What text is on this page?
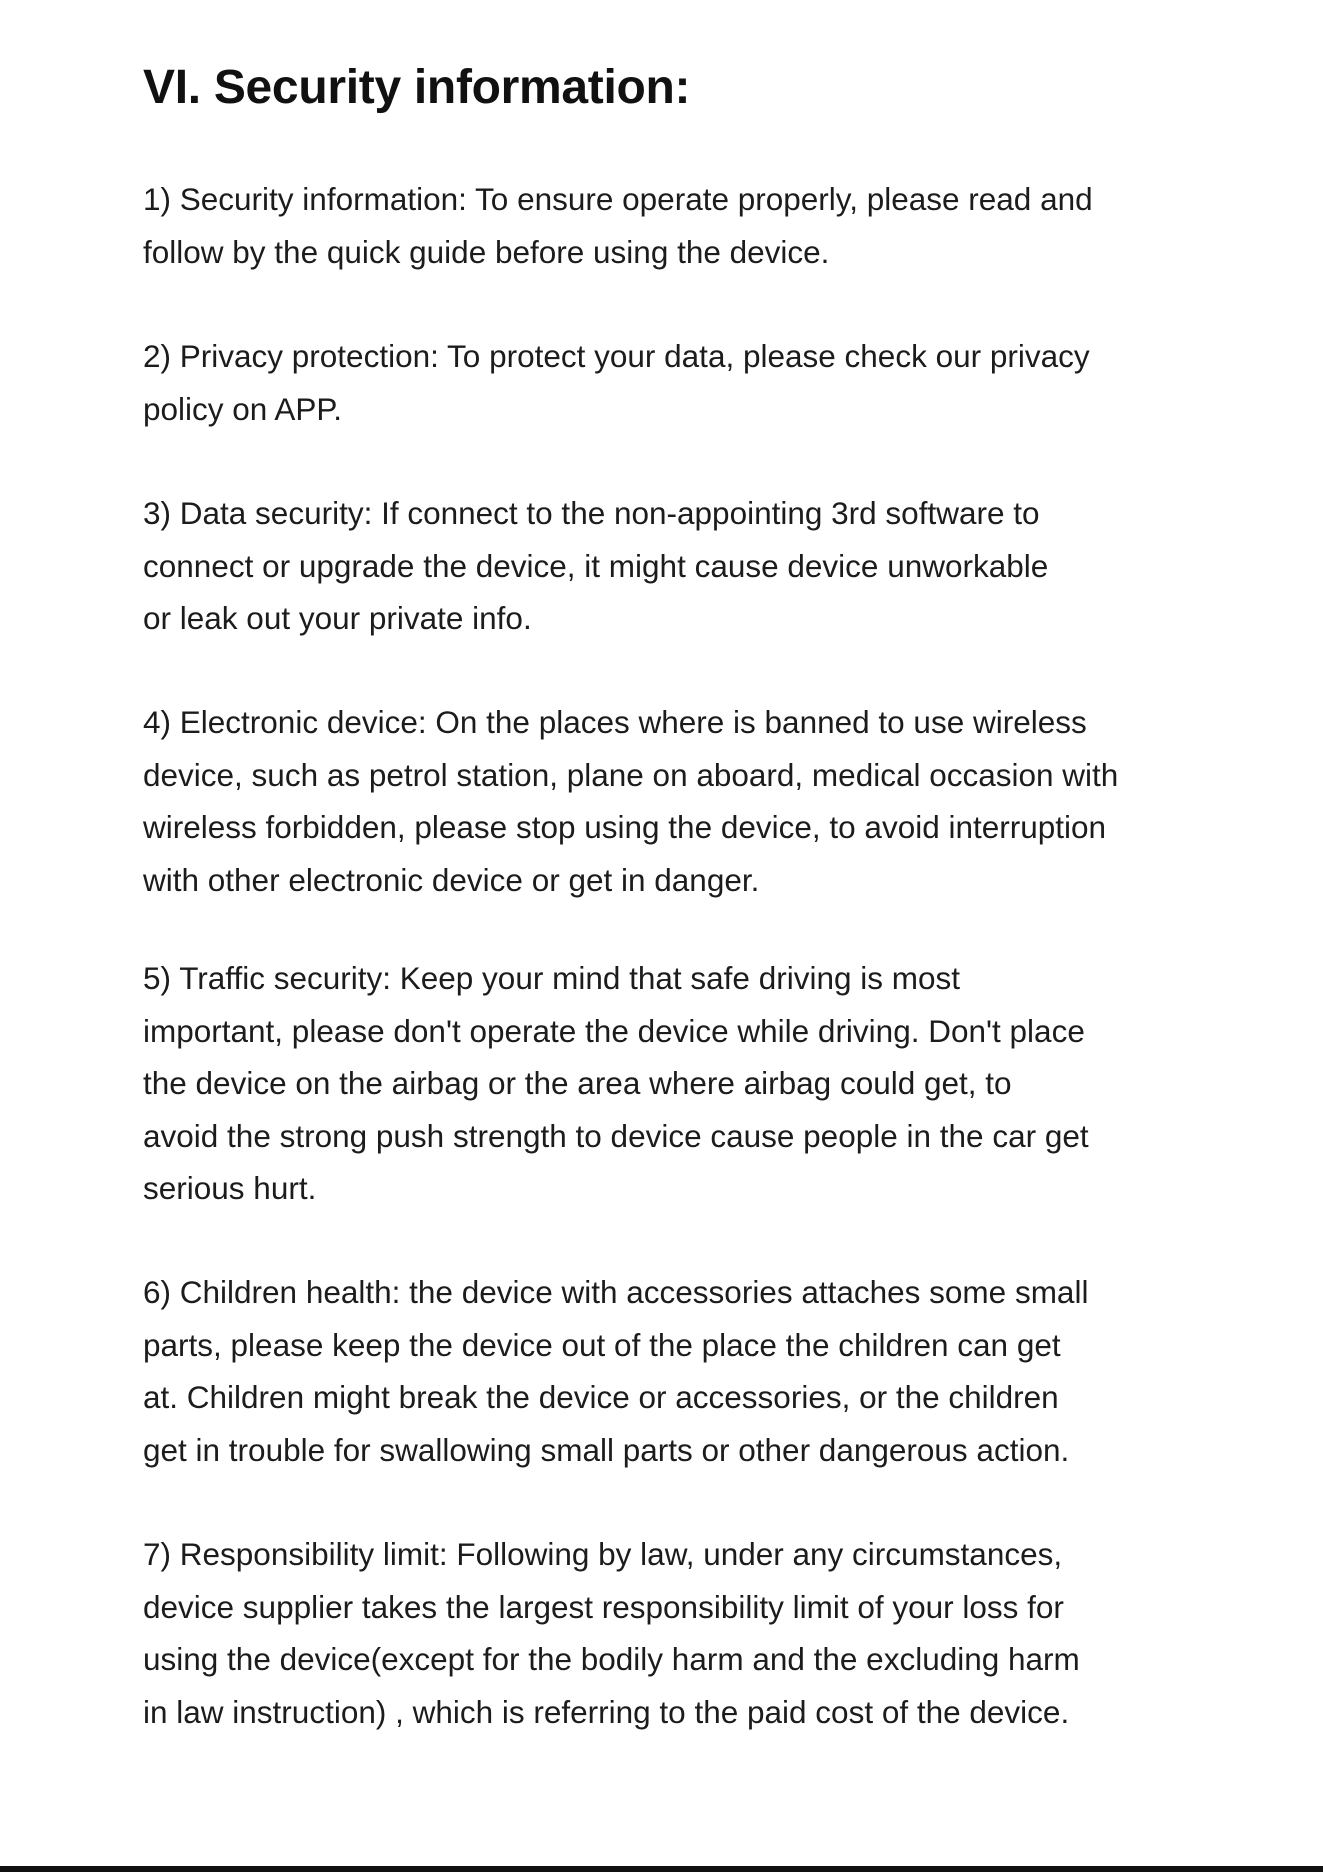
VI. Security information:

1) Security information: To ensure operate properly, please read and
follow by the quick guide before using the device.

2) Privacy protection: To protect your data, please check our privacy
policy on APP.

3) Data security: If connect to the non-appointing 3rd software to
connect or upgrade the device, it might cause device unworkable
or leak out your private info.

4) Electronic device: On the places where is banned to use wireless
device, such as petrol station, plane on aboard, medical occasion with
wireless forbidden, please stop using the device, to avoid interruption
with other electronic device or get in danger.

5) Traffic security: Keep your mind that safe driving is most
important, please don't operate the device while driving. Don't place
the device on the airbag or the area where airbag could get, to
avoid the strong push strength to device cause people in the car get
serious hurt.

6) Children health: the device with accessories attaches some small
parts, please keep the device out of the place the children can get
at. Children might break the device or accessories, or the children
get in trouble for swallowing small parts or other dangerous action.

7) Responsibility limit: Following by law, under any circumstances,
device supplier takes the largest responsibility limit of your loss for
using the device(except for the bodily harm and the excluding harm
in law instruction) , which is referring to the paid cost of the device.
